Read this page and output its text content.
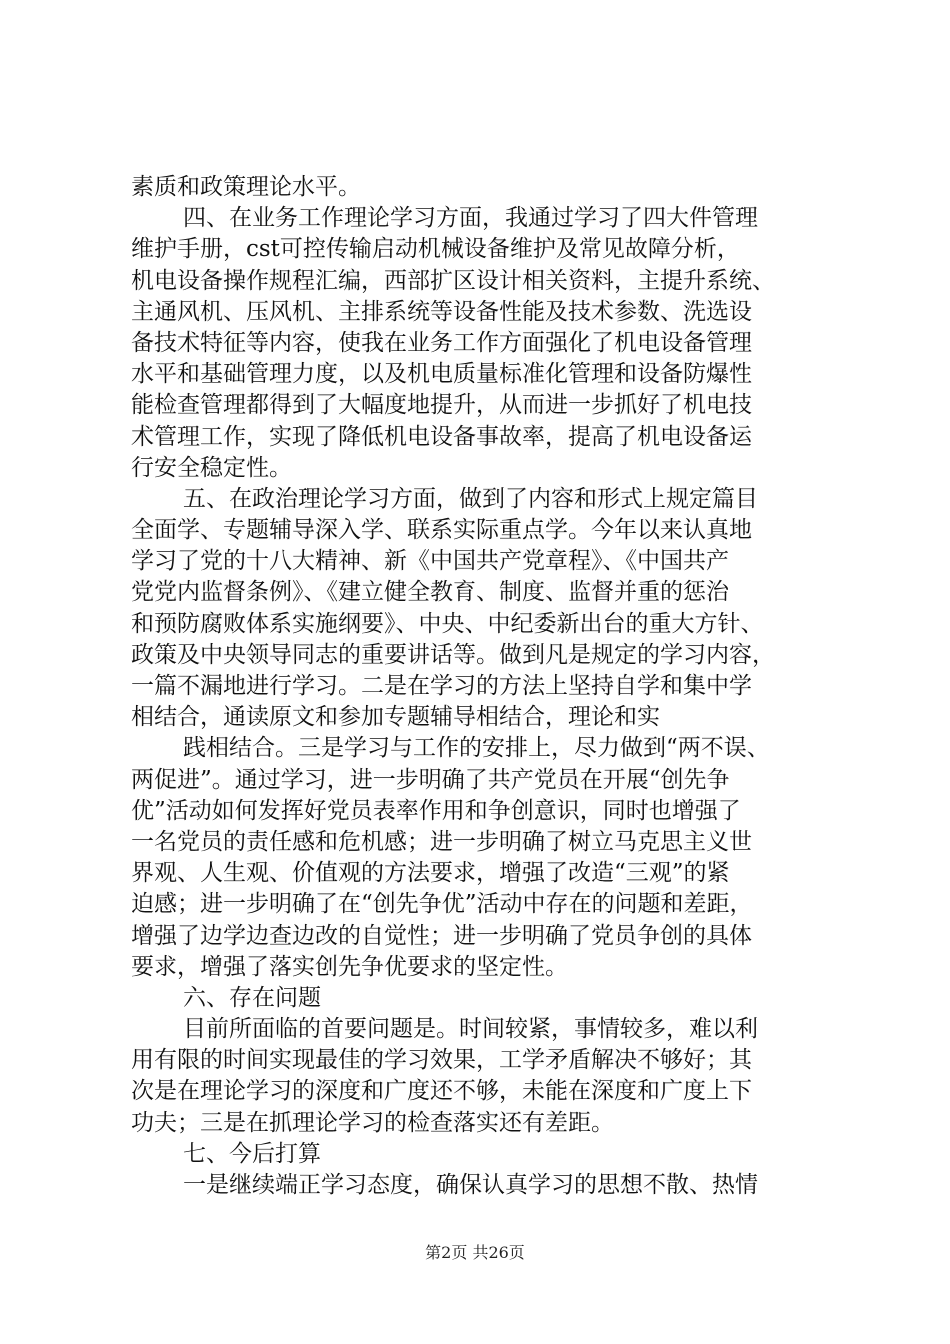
素质和政策理论水平。
四、在业务工作理论学习方面，我通过学习了四大件管理
维护手册，cst可控传输启动机械设备维护及常见故障分析，
机电设备操作规程汇编，西部扩区设计相关资料，主提升系统、
主通风机、压风机、主排系统等设备性能及技术参数、洗选设
备技术特征等内容，使我在业务工作方面强化了机电设备管理
水平和基础管理力度，以及机电质量标准化管理和设备防爆性
能检查管理都得到了大幅度地提升，从而进一步抓好了机电技
术管理工作，实现了降低机电设备事故率，提高了机电设备运
行安全稳定性。
五、在政治理论学习方面，做到了内容和形式上规定篇目
全面学、专题辅导深入学、联系实际重点学。今年以来认真地
学习了党的十八大精神、新《中国共产党章程》、《中国共产
党党内监督条例》、《建立健全教育、制度、监督并重的惩治
和预防腐败体系实施纲要》、中央、中纪委新出台的重大方针、
政策及中央领导同志的重要讲话等。做到凡是规定的学习内容，
一篇不漏地进行学习。二是在学习的方法上坚持自学和集中学
相结合，通读原文和参加专题辅导相结合，理论和实
践相结合。三是学习与工作的安排上，尽力做到“两不误、
两促进”。通过学习，进一步明确了共产党员在开展“创先争
优”活动如何发挥好党员表率作用和争创意识，同时也增强了
一名党员的责任感和危机感；进一步明确了树立马克思主义世
界观、人生观、价值观的方法要求，增强了改造“三观”的紧
迫感；进一步明确了在“创先争优”活动中存在的问题和差距，
增强了边学边查边改的自觉性；进一步明确了党员争创的具体
要求，增强了落实创先争优要求的坚定性。
六、存在问题
目前所面临的首要问题是。时间较紧，事情较多，难以利
用有限的时间实现最佳的学习效果，工学矛盾解决不够好；其
次是在理论学习的深度和广度还不够，未能在深度和广度上下
功夫；三是在抓理论学习的检查落实还有差距。
七、今后打算
一是继续端正学习态度，确保认真学习的思想不散、热情
第2页 共26页
